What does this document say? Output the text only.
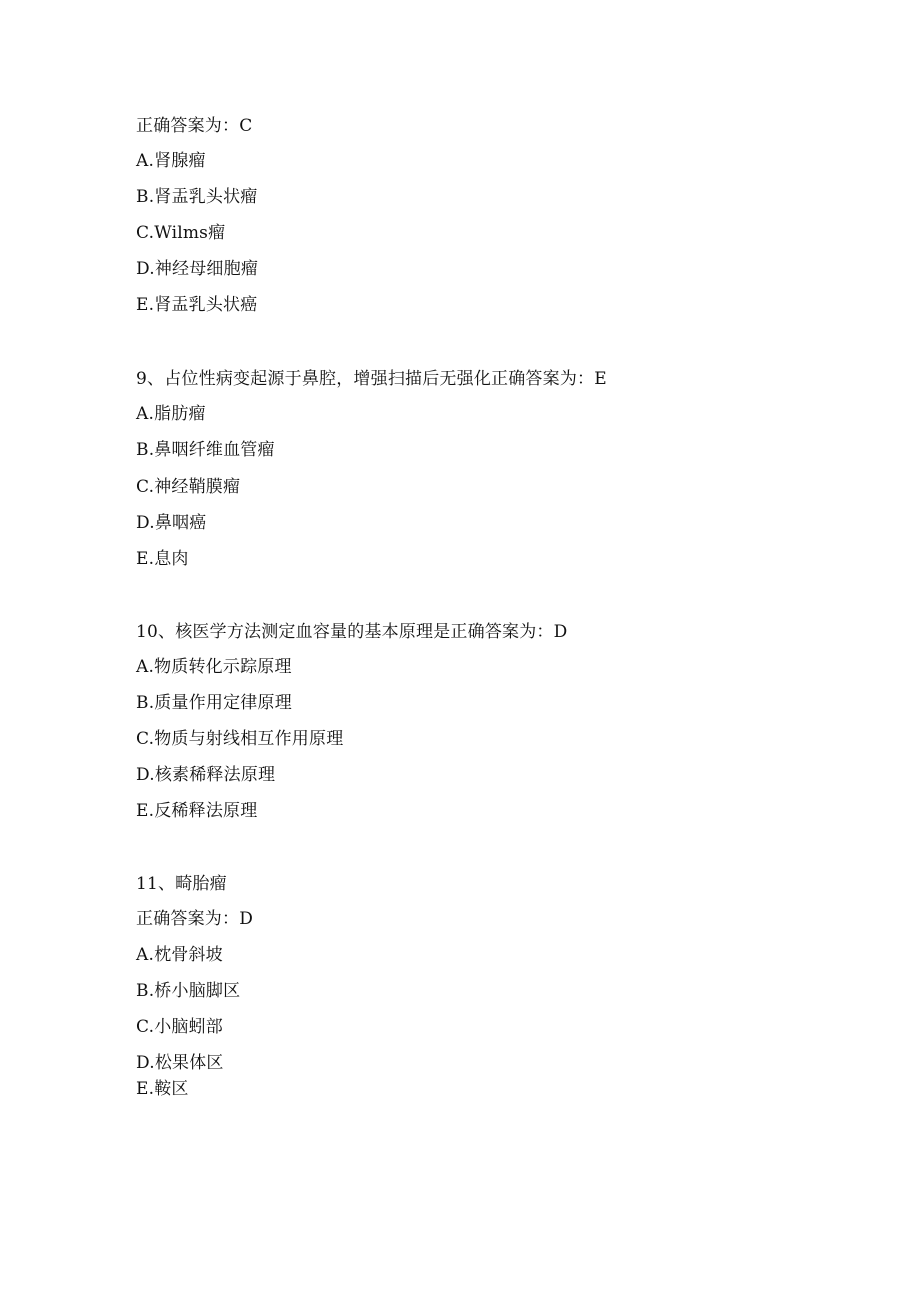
正确答案为：C
A.肾腺瘤
B.肾盂乳头状瘤
C.Wilms瘤
D.神经母细胞瘤
E.肾盂乳头状癌
9、占位性病变起源于鼻腔，增强扫描后无强化正确答案为：E
A.脂肪瘤
B.鼻咽纤维血管瘤
C.神经鞘膜瘤
D.鼻咽癌
E.息肉
10、核医学方法测定血容量的基本原理是正确答案为：D
A.物质转化示踪原理
B.质量作用定律原理
C.物质与射线相互作用原理
D.核素稀释法原理
E.反稀释法原理
11、畸胎瘤
正确答案为：D
A.枕骨斜坡
B.桥小脑脚区
C.小脑蚓部
D.松果体区
E.鞍区
